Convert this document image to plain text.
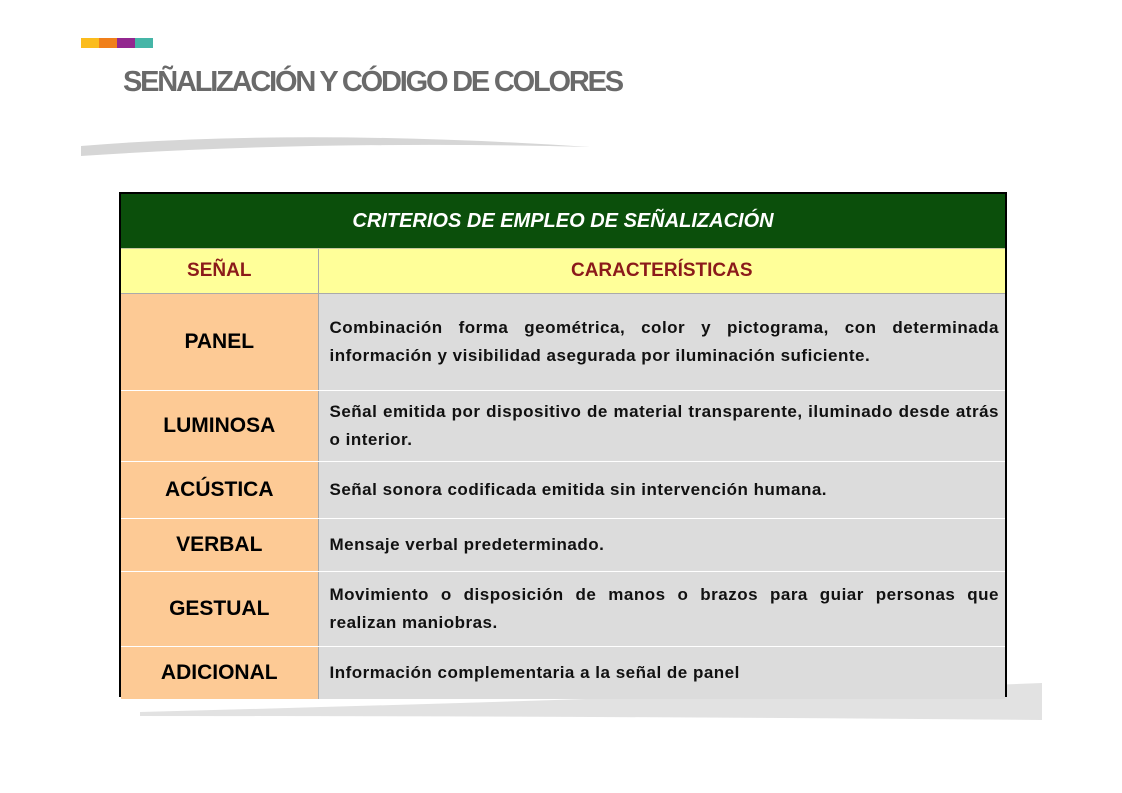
SEÑALIZACIÓN Y CÓDIGO DE COLORES
CRITERIOS DE EMPLEO DE SEÑALIZACIÓN	
SEÑAL	CARACTERÍSTICAS
PANEL	Combinación forma geométrica, color y pictograma, con determinada información y visibilidad asegurada por iluminación suficiente.
LUMINOSA	Señal emitida por dispositivo de material transparente, iluminado desde atrás o interior.
ACÚSTICA	Señal sonora codificada emitida sin intervención humana.
VERBAL	Mensaje verbal predeterminado.
GESTUAL	Movimiento o disposición de manos o brazos para guiar personas que realizan maniobras.
ADICIONAL	Información complementaria a la señal de panel
